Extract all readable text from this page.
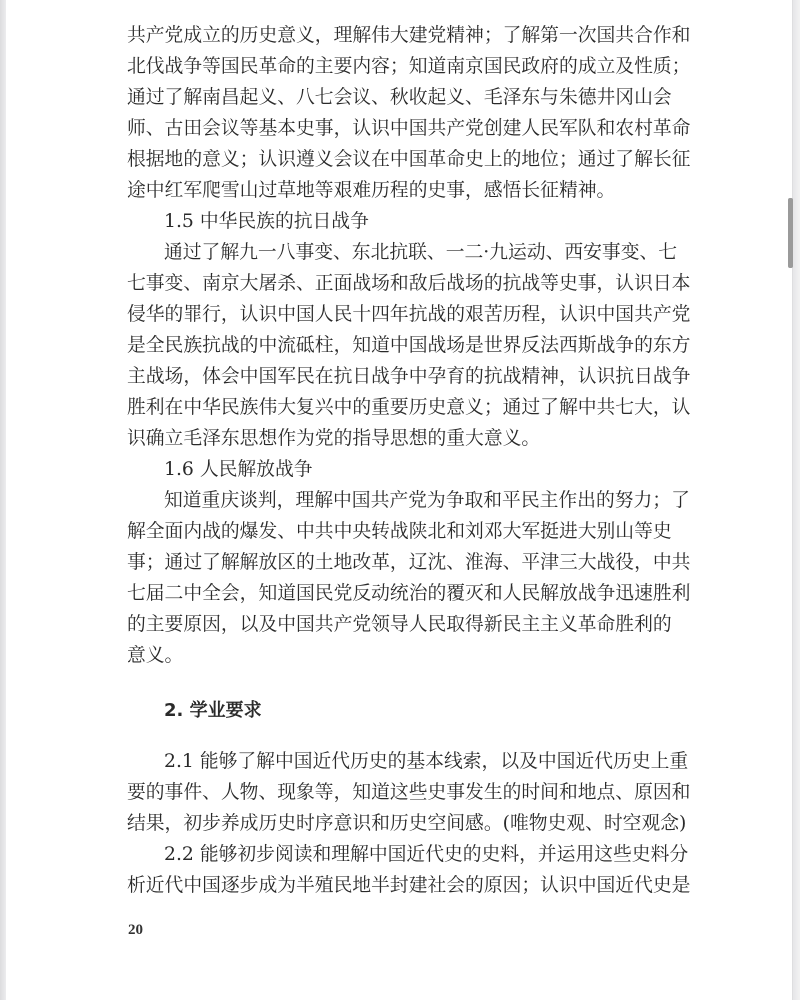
共产党成立的历史意义，理解伟大建党精神；了解第一次国共合作和
北伐战争等国民革命的主要内容；知道南京国民政府的成立及性质；
通过了解南昌起义、八七会议、秋收起义、毛泽东与朱德井冈山会
师、古田会议等基本史事，认识中国共产党创建人民军队和农村革命
根据地的意义；认识遵义会议在中国革命史上的地位；通过了解长征
途中红军爬雪山过草地等艰难历程的史事，感悟长征精神。
1.5 中华民族的抗日战争
通过了解九一八事变、东北抗联、一二·九运动、西安事变、七
七事变、南京大屠杀、正面战场和敌后战场的抗战等史事，认识日本
侵华的罪行，认识中国人民十四年抗战的艰苦历程，认识中国共产党
是全民族抗战的中流砥柱，知道中国战场是世界反法西斯战争的东方
主战场，体会中国军民在抗日战争中孕育的抗战精神，认识抗日战争
胜利在中华民族伟大复兴中的重要历史意义；通过了解中共七大，认
识确立毛泽东思想作为党的指导思想的重大意义。
1.6 人民解放战争
知道重庆谈判，理解中国共产党为争取和平民主作出的努力；了
解全面内战的爆发、中共中央转战陕北和刘邓大军挺进大别山等史
事；通过了解解放区的土地改革，辽沈、淮海、平津三大战役，中共
七届二中全会，知道国民党反动统治的覆灭和人民解放战争迅速胜利
的主要原因，以及中国共产党领导人民取得新民主主义革命胜利的
意义。
2. 学业要求
2.1 能够了解中国近代历史的基本线索，以及中国近代历史上重
要的事件、人物、现象等，知道这些史事发生的时间和地点、原因和
结果，初步养成历史时序意识和历史空间感。(唯物史观、时空观念)
2.2 能够初步阅读和理解中国近代史的史料，并运用这些史料分
析近代中国逐步成为半殖民地半封建社会的原因；认识中国近代史是
20
